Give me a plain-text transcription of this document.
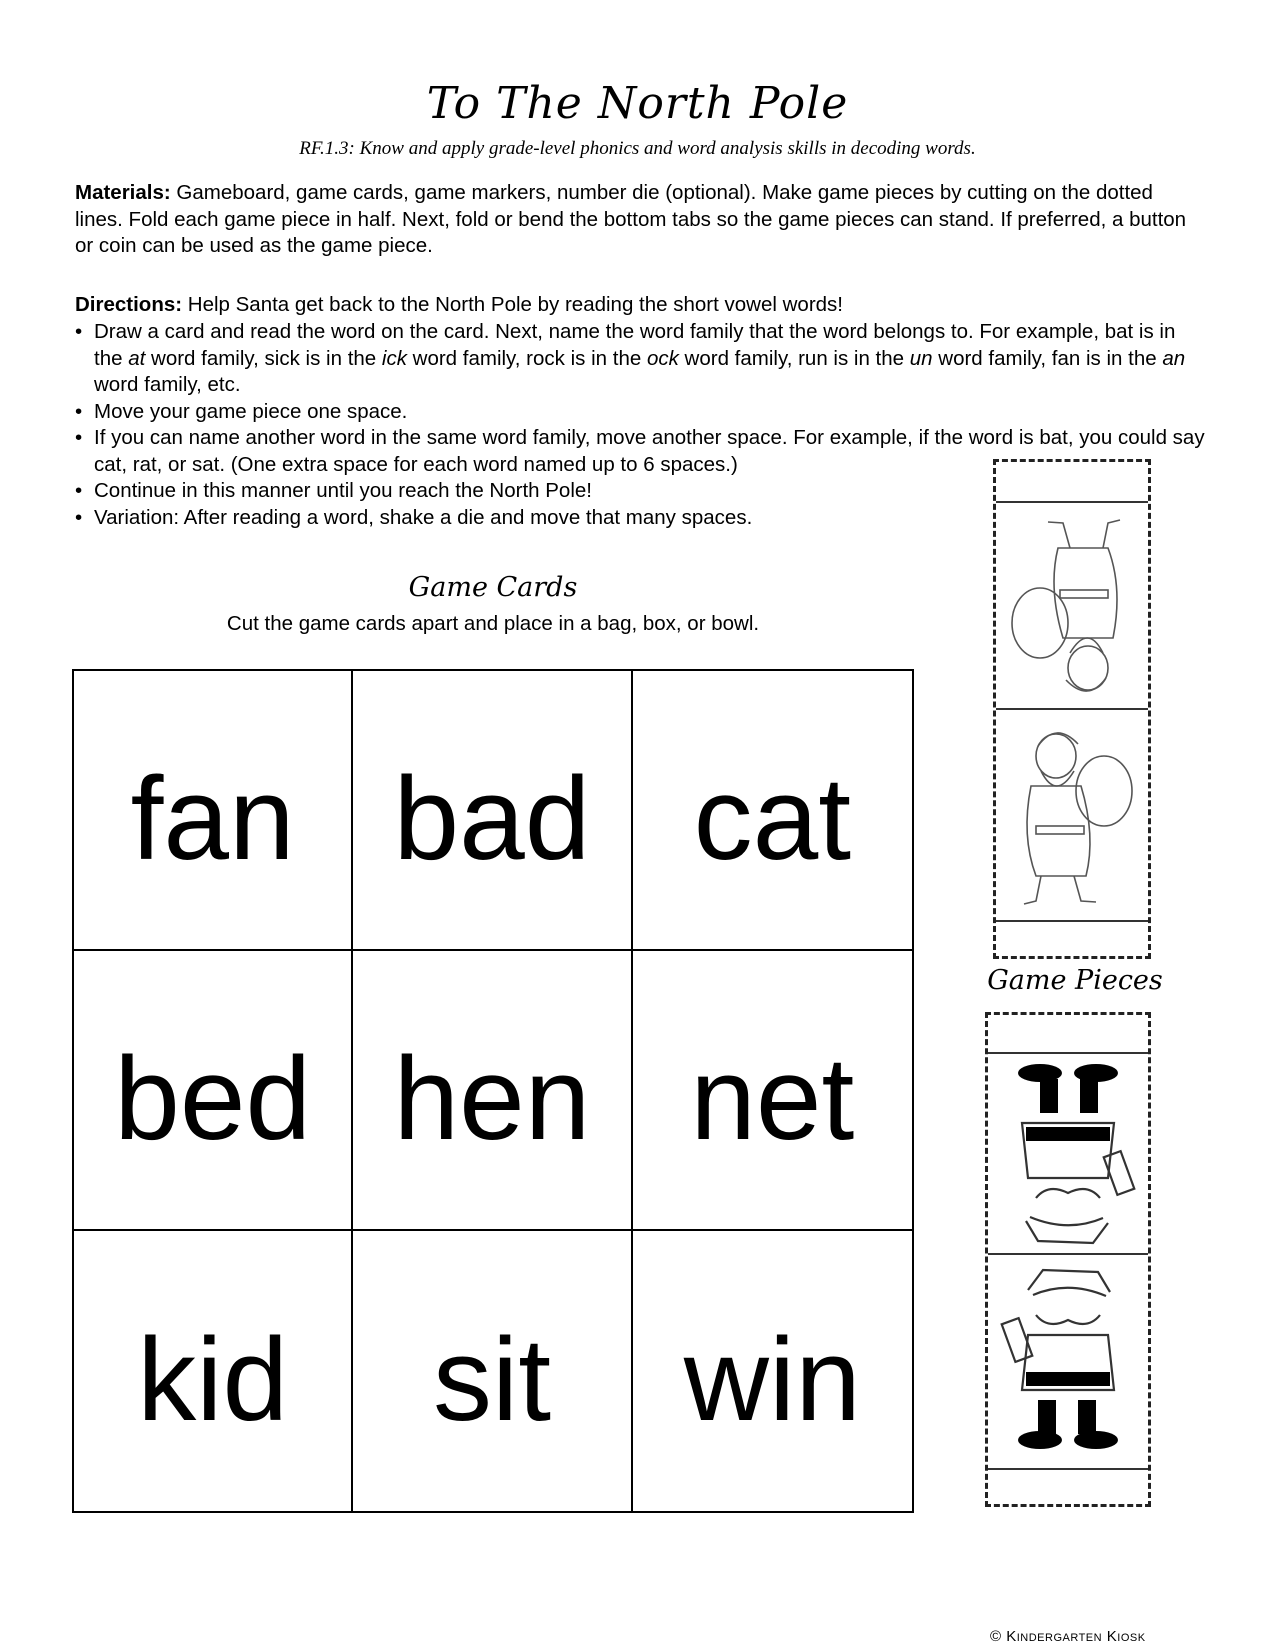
To The North Pole
RF.1.3: Know and apply grade-level phonics and word analysis skills in decoding words.
Materials: Gameboard, game cards, game markers, number die (optional). Make game pieces by cutting on the dotted lines. Fold each game piece in half. Next, fold or bend the bottom tabs so the game pieces can stand. If preferred, a button or coin can be used as the game piece.
Directions: Help Santa get back to the North Pole by reading the short vowel words!
• Draw a card and read the word on the card. Next, name the word family that the word belongs to. For example, bat is in the at word family, sick is in the ick word family, rock is in the ock word family, run is in the un word family, fan is in the an word family, etc.
• Move your game piece one space.
• If you can name another word in the same word family, move another space. For example, if the word is bat, you could say cat, rat, or sat. (One extra space for each word named up to 6 spaces.)
• Continue in this manner until you reach the North Pole!
• Variation: After reading a word, shake a die and move that many spaces.
Game Cards
Cut the game cards apart and place in a bag, box, or bowl.
fan bad cat
bed hen net
kid	sit	win
Game Pieces
© Kindergarten Kiosk
